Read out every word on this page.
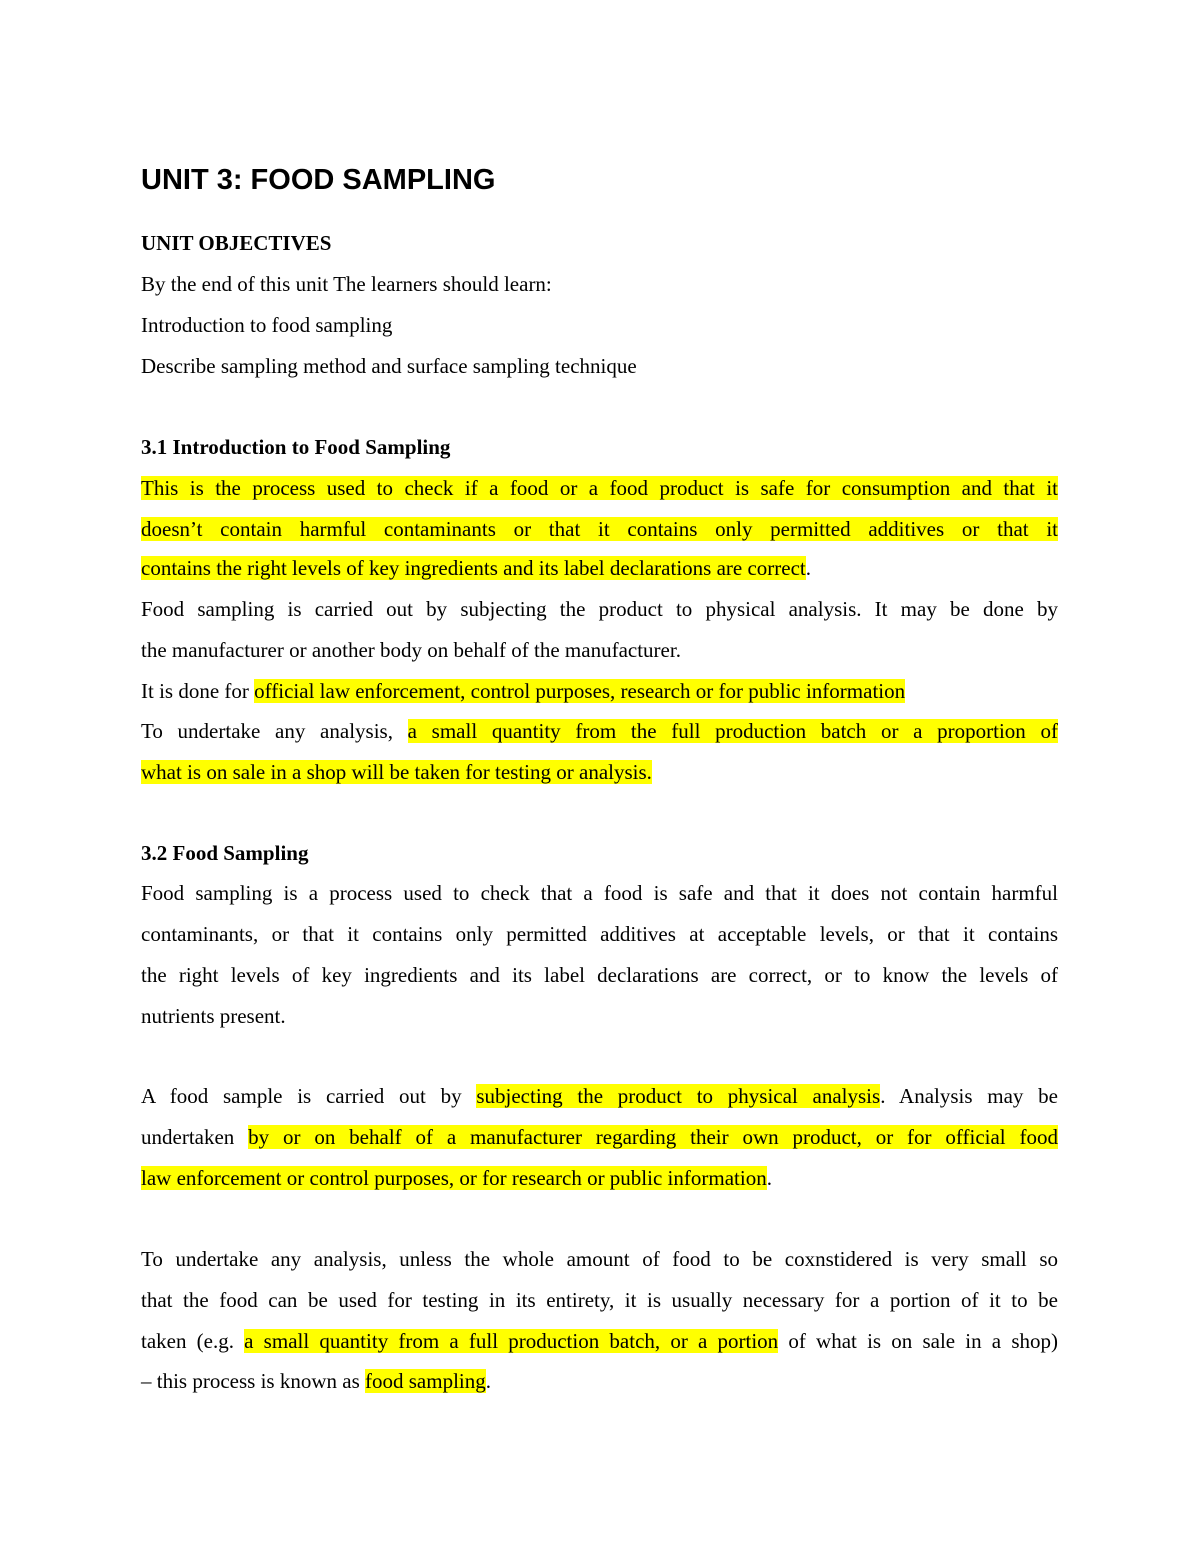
UNIT 3: FOOD SAMPLING
UNIT OBJECTIVES
By the end of this unit The learners should learn:
Introduction to food sampling
Describe sampling method and surface sampling technique
3.1 Introduction to Food Sampling
This is the process used to check if a food or a food product is safe for consumption and that it
doesn’t contain harmful contaminants or that it contains only permitted additives or that it
contains the right levels of key ingredients and its label declarations are correct.
Food sampling is carried out by subjecting the product to physical analysis. It may be done by
the manufacturer or another body on behalf of the manufacturer.
It is done for official law enforcement, control purposes, research or for public information
To undertake any analysis, a small quantity from the full production batch or a proportion of
what is on sale in a shop will be taken for testing or analysis.
3.2 Food Sampling
Food sampling is a process used to check that a food is safe and that it does not contain harmful
contaminants, or that it contains only permitted additives at acceptable levels, or that it contains
the right levels of key ingredients and its label declarations are correct, or to know the levels of
nutrients present.
A food sample is carried out by subjecting the product to physical analysis. Analysis may be
undertaken by or on behalf of a manufacturer regarding their own product, or for official food
law enforcement or control purposes, or for research or public information.
To undertake any analysis, unless the whole amount of food to be coxnstidered is very small so
that the food can be used for testing in its entirety, it is usually necessary for a portion of it to be
taken (e.g. a small quantity from a full production batch, or a portion of what is on sale in a shop)
– this process is known as food sampling.
